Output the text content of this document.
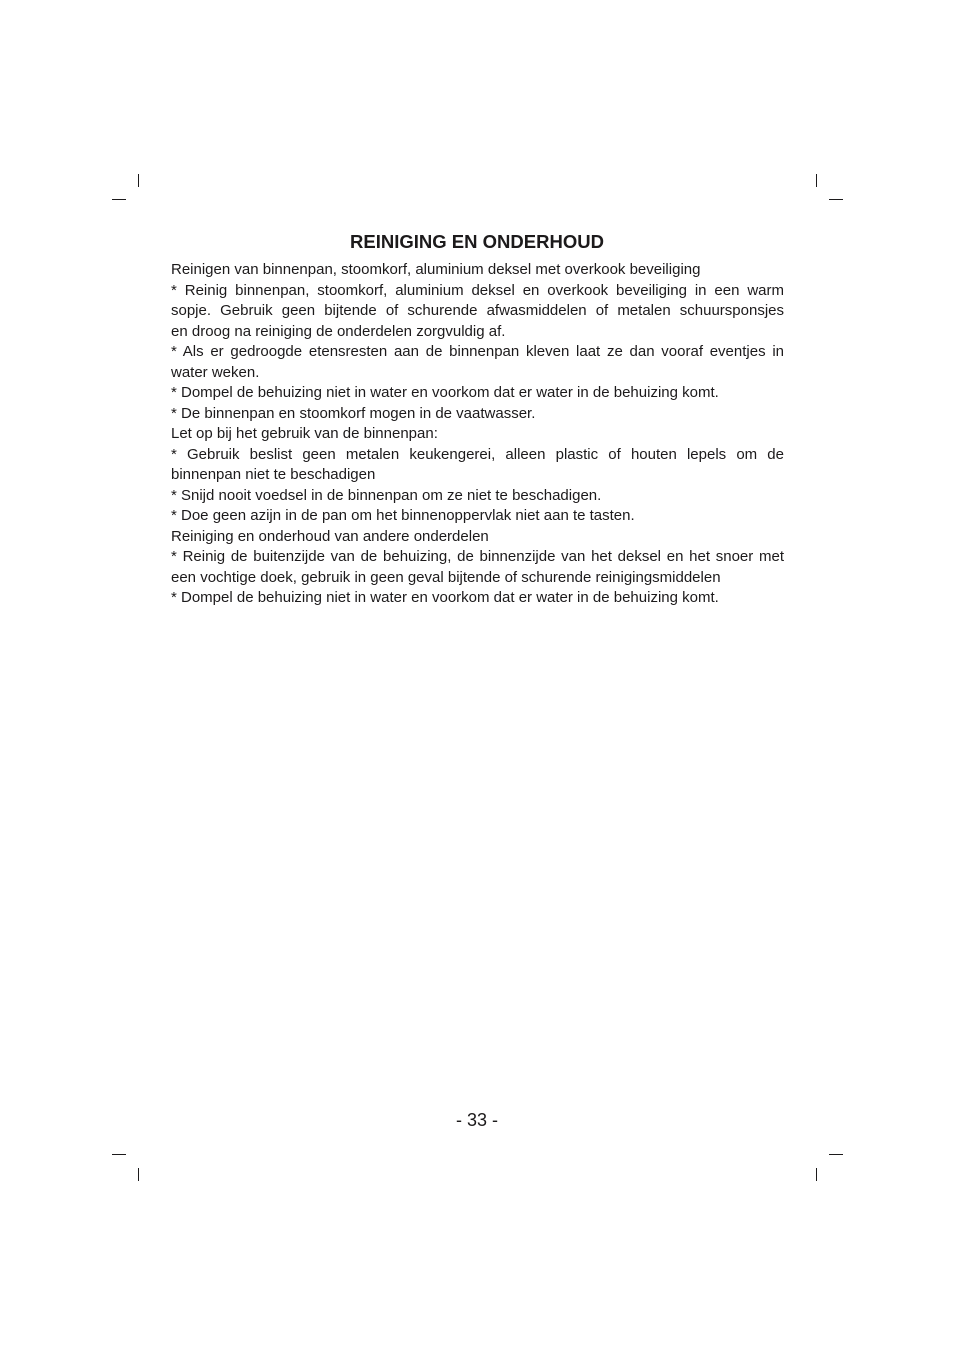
REINIGING EN ONDERHOUD

Reinigen van binnenpan, stoomkorf, aluminium deksel met overkook beveiliging

* Reinig binnenpan, stoomkorf, aluminium deksel en overkook beveiliging in een warm
sopje. Gebruik geen bijtende of schurende afwasmiddelen of metalen schuursponsjes
en droog na reiniging de onderdelen zorgvuldig af.

* Als er gedroogde etensresten aan de binnenpan kleven laat ze dan vooraf eventjes in
water weken.

* Dompel de behuizing niet in water en voorkom dat er water in de behuizing komt.

* De binnenpan en stoomkorf mogen in de vaatwasser.

Let op bij het gebruik van de binnenpan:

* Gebruik beslist geen metalen keukengerei, alleen plastic of houten lepels om de
binnenpan niet te beschadigen

* Snijd nooit voedsel in de binnenpan om ze niet te beschadigen.

* Doe geen azijn in de pan om het binnenoppervlak niet aan te tasten.

Reiniging en onderhoud van andere onderdelen

* Reinig de buitenzijde van de behuizing, de binnenzijde van het deksel en het snoer met
een vochtige doek, gebruik in geen geval bijtende of schurende reinigingsmiddelen

* Dompel de behuizing niet in water en voorkom dat er water in de behuizing komt.

- 33 -
